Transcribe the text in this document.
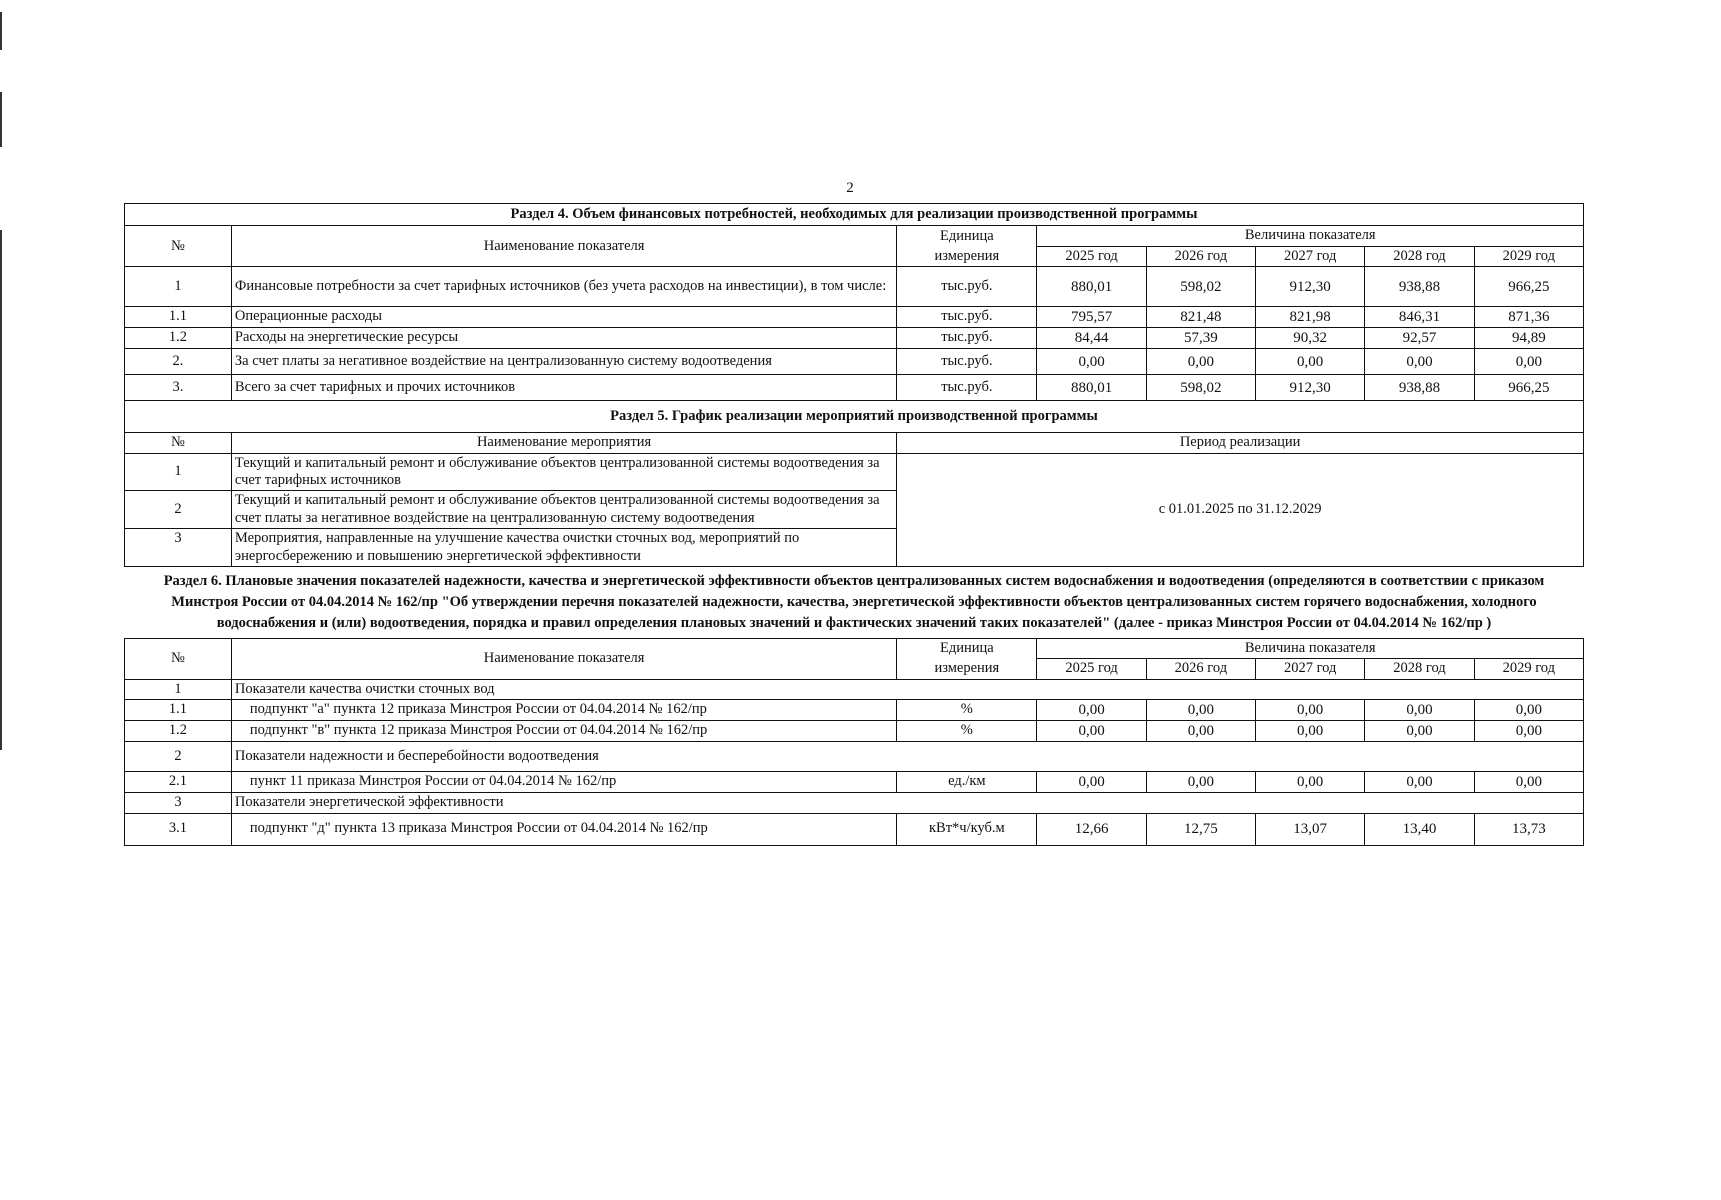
2
Раздел 4. Объем финансовых потребностей, необходимых для реализации производственной программы							
№	Наименование показателя	Единица	Величина показателя				
		измерения	2025 год	2026 год	2027 год	2028 год	2029 год
1	Финансовые потребности за счет тарифных источников (без учета расходов на инвестиции), в том числе:	тыс.руб.	880,01	598,02	912,30	938,88	966,25
1.1	Операционные расходы	тыс.руб.	795,57	821,48	821,98	846,31	871,36
1.2	Расходы на энергетические ресурсы	тыс.руб.	84,44	57,39	90,32	92,57	94,89
2.	За счет платы за негативное воздействие на централизованную систему водоотведения	тыс.руб.	0,00	0,00	0,00	0,00	0,00
3.	Всего за счет тарифных и прочих источников	тыс.руб.	880,01	598,02	912,30	938,88	966,25
Раздел 5. График реализации мероприятий производственной программы							
№	Наименование мероприятия	Период реализации					
1	Текущий и капитальный ремонт и обслуживание объектов централизованной системы водоотведения за счет тарифных источников	с 01.01.2025 по 31.12.2029					
2	Текущий и капитальный ремонт и обслуживание объектов централизованной системы водоотведения за счет платы за негативное воздействие на централизованную систему водоотведения						
3	Мероприятия, направленные на улучшение качества очистки сточных вод, мероприятий по энергосбережению и повышению энергетической эффективности						
Раздел 6. Плановые значения показателей надежности, качества и энергетической эффективности объектов централизованных систем водоснабжения и водоотведения (определяются в соответствии с приказом Минстроя России от 04.04.2014 № 162/пр "Об утверждении перечня показателей надежности, качества, энергетической эффективности объектов централизованных систем горячего водоснабжения, холодного водоснабжения и (или) водоотведения, порядка и правил определения плановых значений и фактических значений таких показателей" (далее - приказ Минстроя России от 04.04.2014 № 162/пр )							
№	Наименование показателя	Единица	Величина показателя				
		измерения	2025 год	2026 год	2027 год	2028 год	2029 год
1	Показатели качества очистки сточных вод						
1.1	подпункт "а" пункта 12 приказа Минстроя России от 04.04.2014 № 162/пр	%	0,00	0,00	0,00	0,00	0,00
1.2	подпункт "в" пункта 12 приказа Минстроя России от 04.04.2014 № 162/пр	%	0,00	0,00	0,00	0,00	0,00
2	Показатели надежности и бесперебойности водоотведения						
2.1	пункт 11 приказа Минстроя России от 04.04.2014 № 162/пр	ед./км	0,00	0,00	0,00	0,00	0,00
3	Показатели энергетической эффективности						
3.1	подпункт "д" пункта 13 приказа Минстроя России от 04.04.2014 № 162/пр	кВт*ч/куб.м	12,66	12,75	13,07	13,40	13,73
